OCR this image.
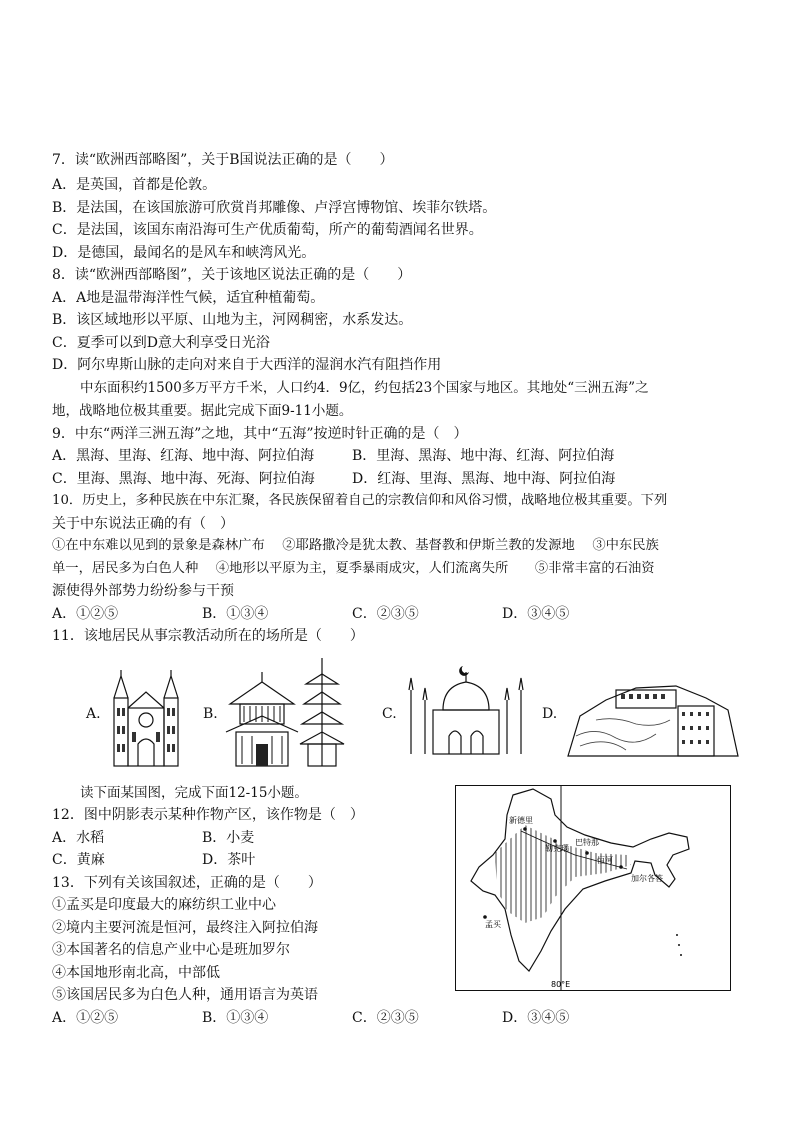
7．读“欧洲西部略图”，关于B国说法正确的是（　　）
A．是英国，首都是伦敦。
B．是法国，在该国旅游可欣赏肖邦雕像、卢浮宫博物馆、埃菲尔铁塔。
C．是法国，该国东南沿海可生产优质葡萄，所产的葡萄酒闻名世界。
D．是德国，最闻名的是风车和峡湾风光。
8．读“欧洲西部略图”，关于该地区说法正确的是（　　）
A．A地是温带海洋性气候，适宜种植葡萄。
B．该区域地形以平原、山地为主，河网稠密，水系发达。
C．夏季可以到D意大利享受日光浴
D．阿尔卑斯山脉的走向对来自于大西洋的湿润水汽有阻挡作用
中东面积约1500多万平方千米，人口约4．9亿，约包括23个国家与地区。其地处“三洲五海”之
地，战略地位极其重要。据此完成下面9-11小题。
9．中东“两洋三洲五海”之地，其中“五海”按逆时针正确的是（　）
A．黑海、里海、红海、地中海、阿拉伯海	B．里海、黑海、地中海、红海、阿拉伯海
C．里海、黑海、地中海、死海、阿拉伯海	D．红海、里海、黑海、地中海、阿拉伯海
10．历史上，多种民族在中东汇聚，各民族保留着自己的宗教信仰和风俗习惯，战略地位极其重要。下列
关于中东说法正确的有（　）
①在中东难以见到的景象是森林广布　 ②耶路撒冷是犹太教、基督教和伊斯兰教的发源地　 ③中东民族
单一，居民多为白色人种　 ④地形以平原为主，夏季暴雨成灾，人们流离失所　　⑤非常丰富的石油资
源使得外部势力纷纷参与干预
A．①②⑤	B．①③④	C．②③⑤	D．③④⑤
11．该地居民从事宗教活动所在的场所是（　　）
A.	B.	C.	D.
读下面某国图，完成下面12-15小题。
12．图中阴影表示某种作物产区，该作物是（　）
A．水稻	B．小麦
C．黄麻	D．茶叶
13．下列有关该国叙述，正确的是（　　）
①孟买是印度最大的麻纺织工业中心
②境内主要河流是恒河，最终注入阿拉伯海
③本国著名的信息产业中心是班加罗尔
④本国地形南北高，中部低
⑤该国居民多为白色人种，通用语言为英语
A．①②⑤	B．①③④	C．②③⑤	D．③④⑤
新德里
勒克瑙
巴特那
加尔各答
孟买
恒河
80°E
